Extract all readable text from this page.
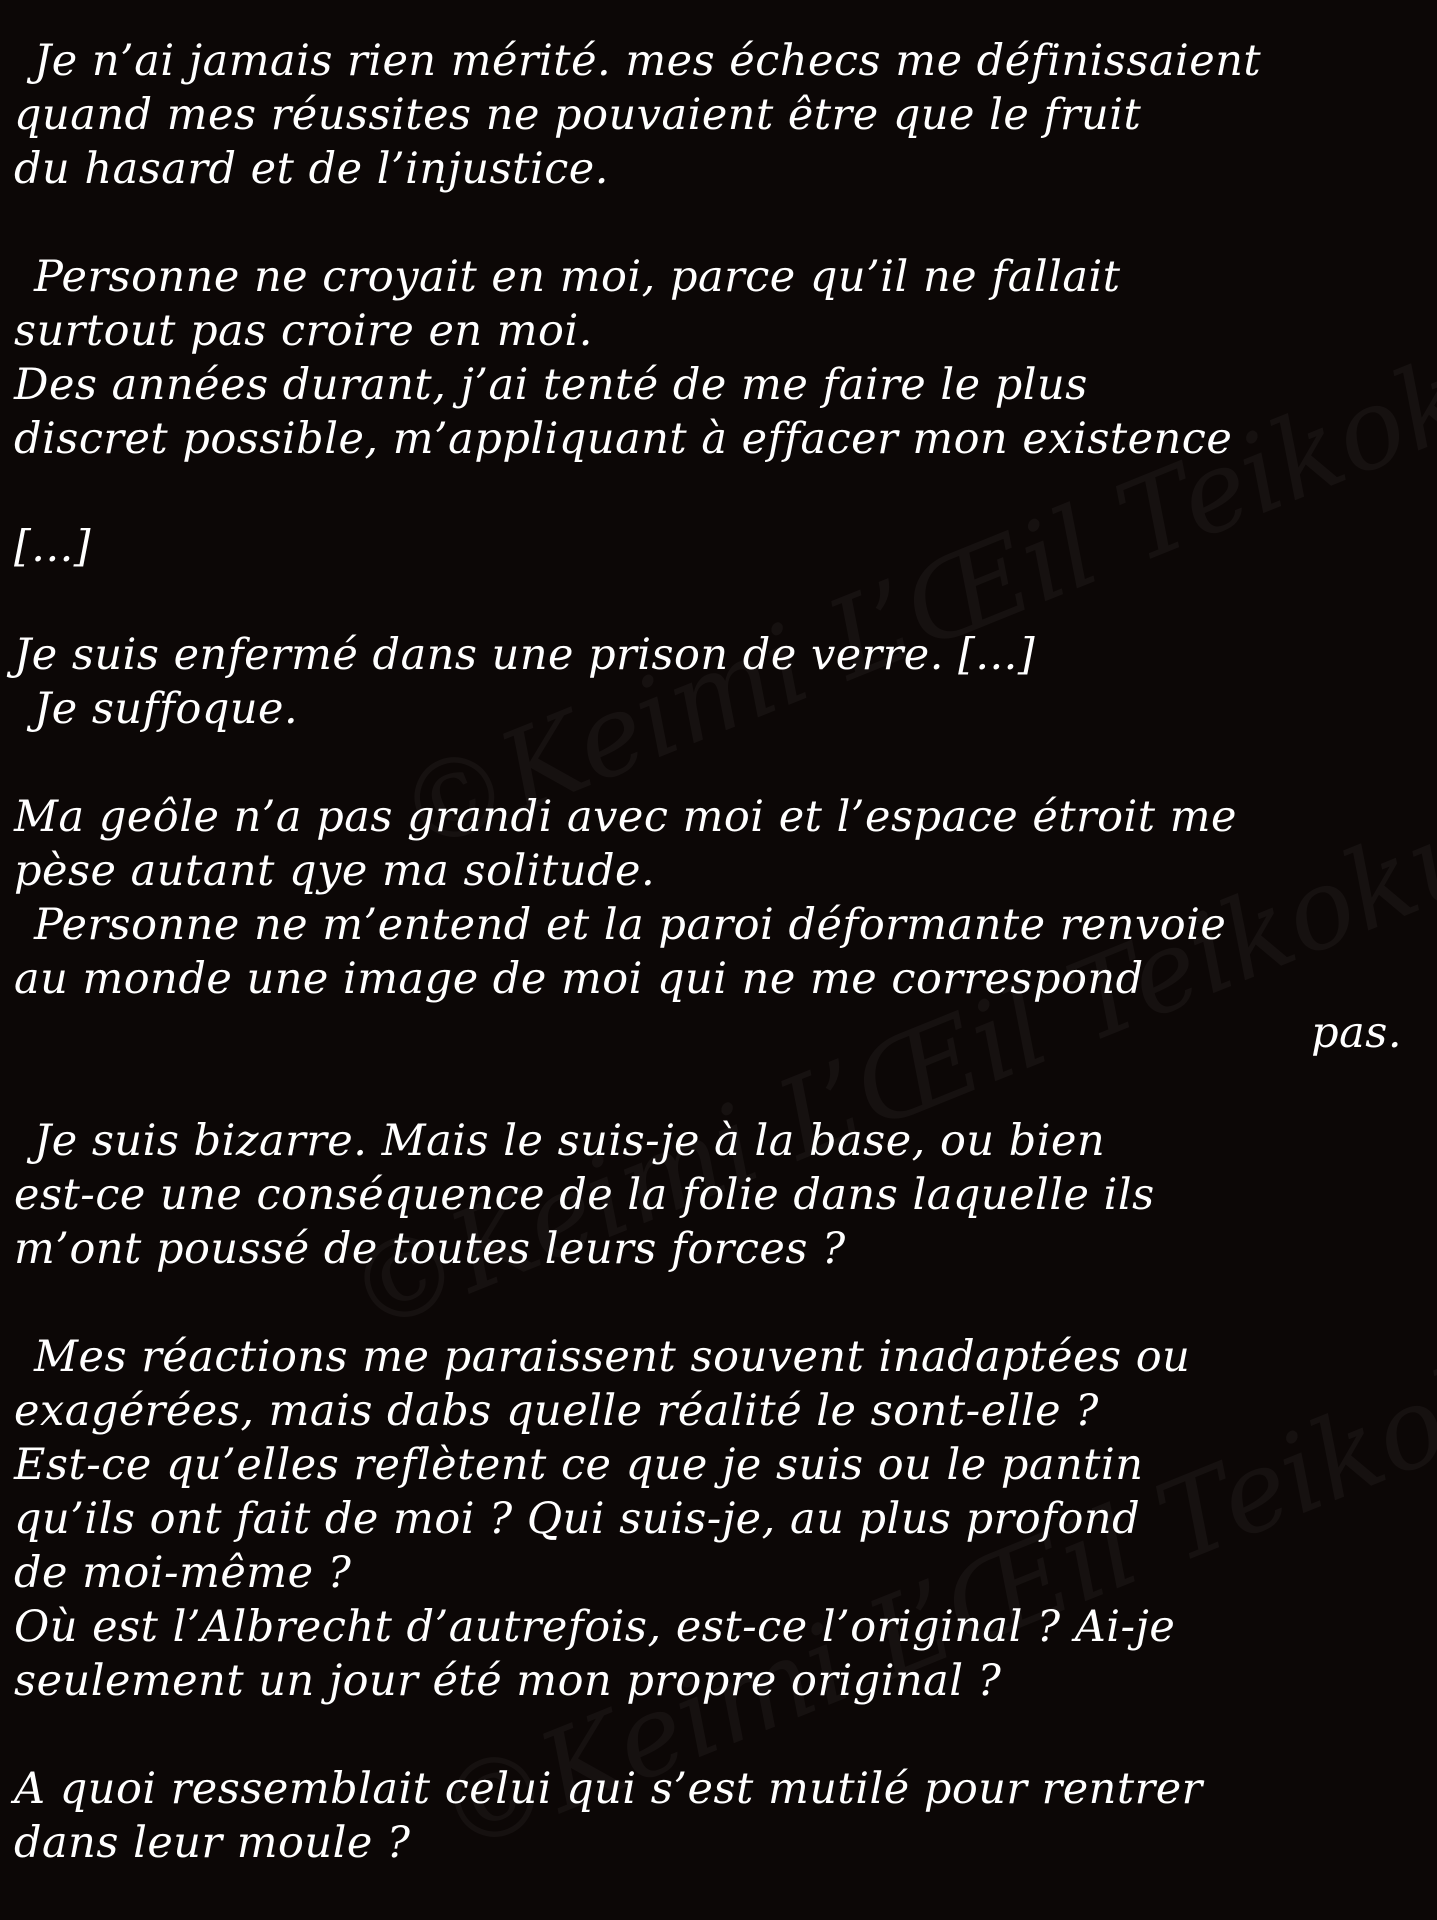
Je n’ai jamais rien mérité. mes échecs me définissaient
quand mes réussites ne pouvaient être que le fruit
du hasard et de l’injustice.
Personne ne croyait en moi, parce qu’il ne fallait
surtout pas croire en moi.
Des années durant, j’ai tenté de me faire le plus
discret possible, m’appliquant à effacer mon existence
[...]
Je suis enfermé dans une prison de verre. [...]
Je suffoque.
Ma geôle n’a pas grandi avec moi et l’espace étroit me
pèse autant qye ma solitude.
Personne ne m’entend et la paroi déformante renvoie
au monde une image de moi qui ne me correspond
pas.
Je suis bizarre. Mais le suis-je à la base, ou bien
est-ce une conséquence de la folie dans laquelle ils
m’ont poussé de toutes leurs forces ?
Mes réactions me paraissent souvent inadaptées ou
exagérées, mais dabs quelle réalité le sont-elle ?
Est-ce qu’elles reflètent ce que je suis ou le pantin
qu’ils ont fait de moi ? Qui suis-je, au plus profond
de moi-même ?
Où est l’Albrecht d’autrefois, est-ce l’original ? Ai-je
seulement un jour été mon propre original ?
A quoi ressemblait celui qui s’est mutilé pour rentrer
dans leur moule ?
